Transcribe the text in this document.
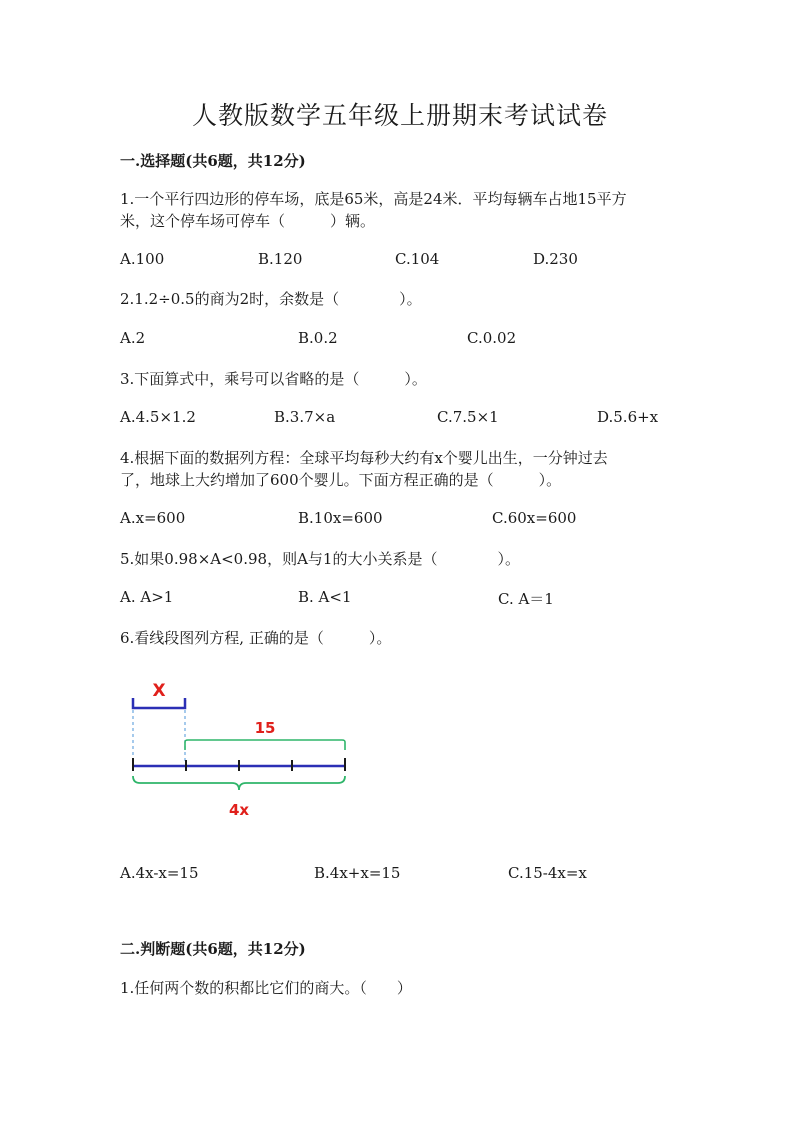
人教版数学五年级上册期末考试试卷
一.选择题(共6题，共12分)
1.一个平行四边形的停车场，底是65米，高是24米．平均每辆车占地15平方
米，这个停车场可停车（　　　）辆。
A.100	B.120	C.104	D.230
2.1.2÷0.5的商为2时，余数是（　　　　）。
A.2	B.0.2	C.0.02
3.下面算式中，乘号可以省略的是（　　　）。
A.4.5×1.2	B.3.7×a	C.7.5×1	D.5.6+x
4.根据下面的数据列方程：全球平均每秒大约有x个婴儿出生，一分钟过去
了，地球上大约增加了600个婴儿。下面方程正确的是（　　　）。
A.x=600	B.10x=600	C.60x=600
5.如果0.98×A<0.98，则A与1的大小关系是（　　　　）。
A. A>1	B. A<1	C. A＝1
6.看线段图列方程, 正确的是（　　　）。
X
15
4x
A.4x-x=15	B.4x+x=15	C.15-4x=x
二.判断题(共6题，共12分)
1.任何两个数的积都比它们的商大。（　　）
